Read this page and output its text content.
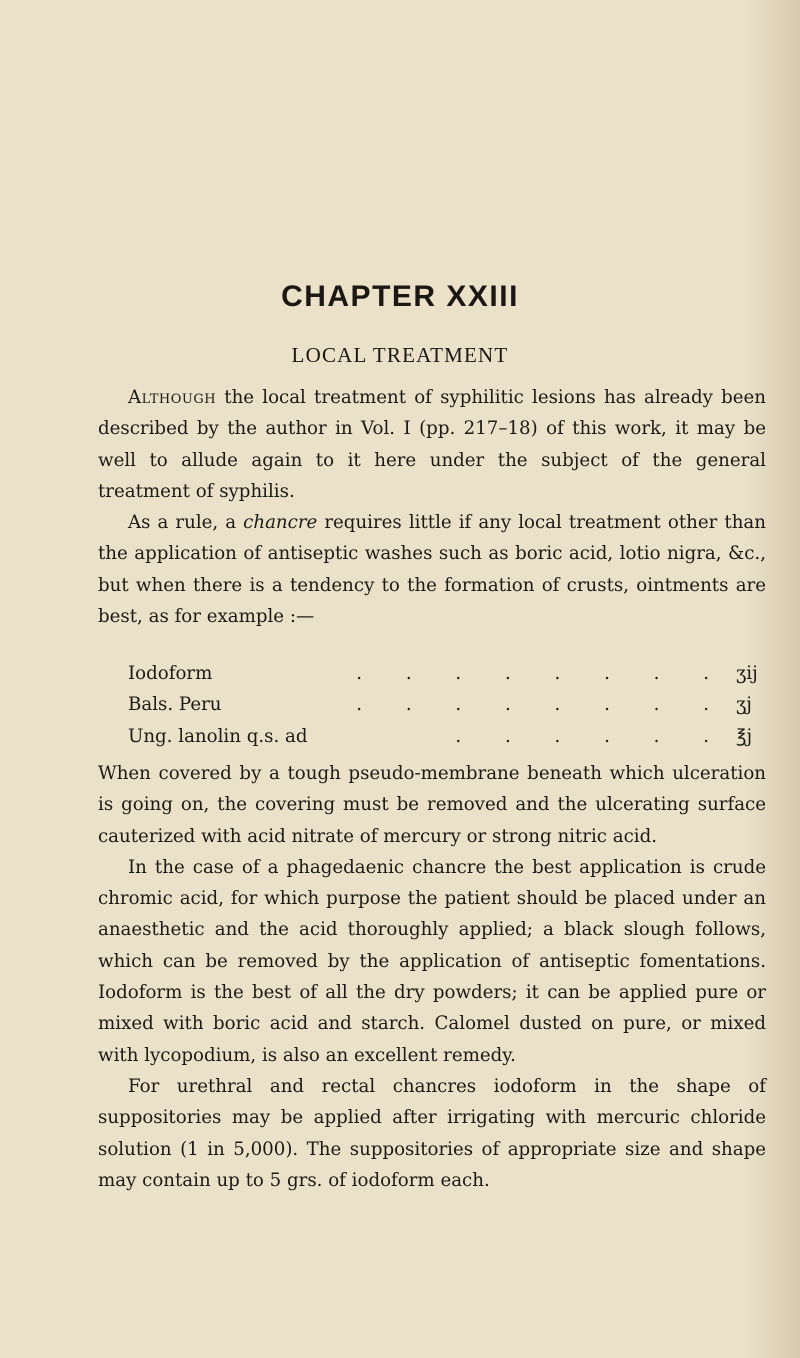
CHAPTER XXIII
LOCAL TREATMENT

Although the local treatment of syphilitic lesions has already been described by the author in Vol. I (pp. 217–18) of this work, it may be well to allude again to it here under the subject of the general treatment of syphilis.

As a rule, a chancre requires little if any local treatment other than the application of antiseptic washes such as boric acid, lotio nigra, &c., but when there is a tendency to the formation of crusts, ointments are best, as for example :—

Iodoform	. . . . . . . . ʒij
Bals. Peru	. . . . . . . . ʒj
Ung. lanolin q.s. ad	. . . . . . ℥j

When covered by a tough pseudo-membrane beneath which ulceration is going on, the covering must be removed and the ulcerating surface cauterized with acid nitrate of mercury or strong nitric acid.

In the case of a phagedaenic chancre the best application is crude chromic acid, for which purpose the patient should be placed under an anaesthetic and the acid thoroughly applied; a black slough follows, which can be removed by the application of antiseptic fomentations. Iodoform is the best of all the dry powders; it can be applied pure or mixed with boric acid and starch. Calomel dusted on pure, or mixed with lycopodium, is also an excellent remedy.

For urethral and rectal chancres iodoform in the shape of suppositories may be applied after irrigating with mercuric chloride solution (1 in 5,000). The suppositories of appropriate size and shape may contain up to 5 grs. of iodoform each.
